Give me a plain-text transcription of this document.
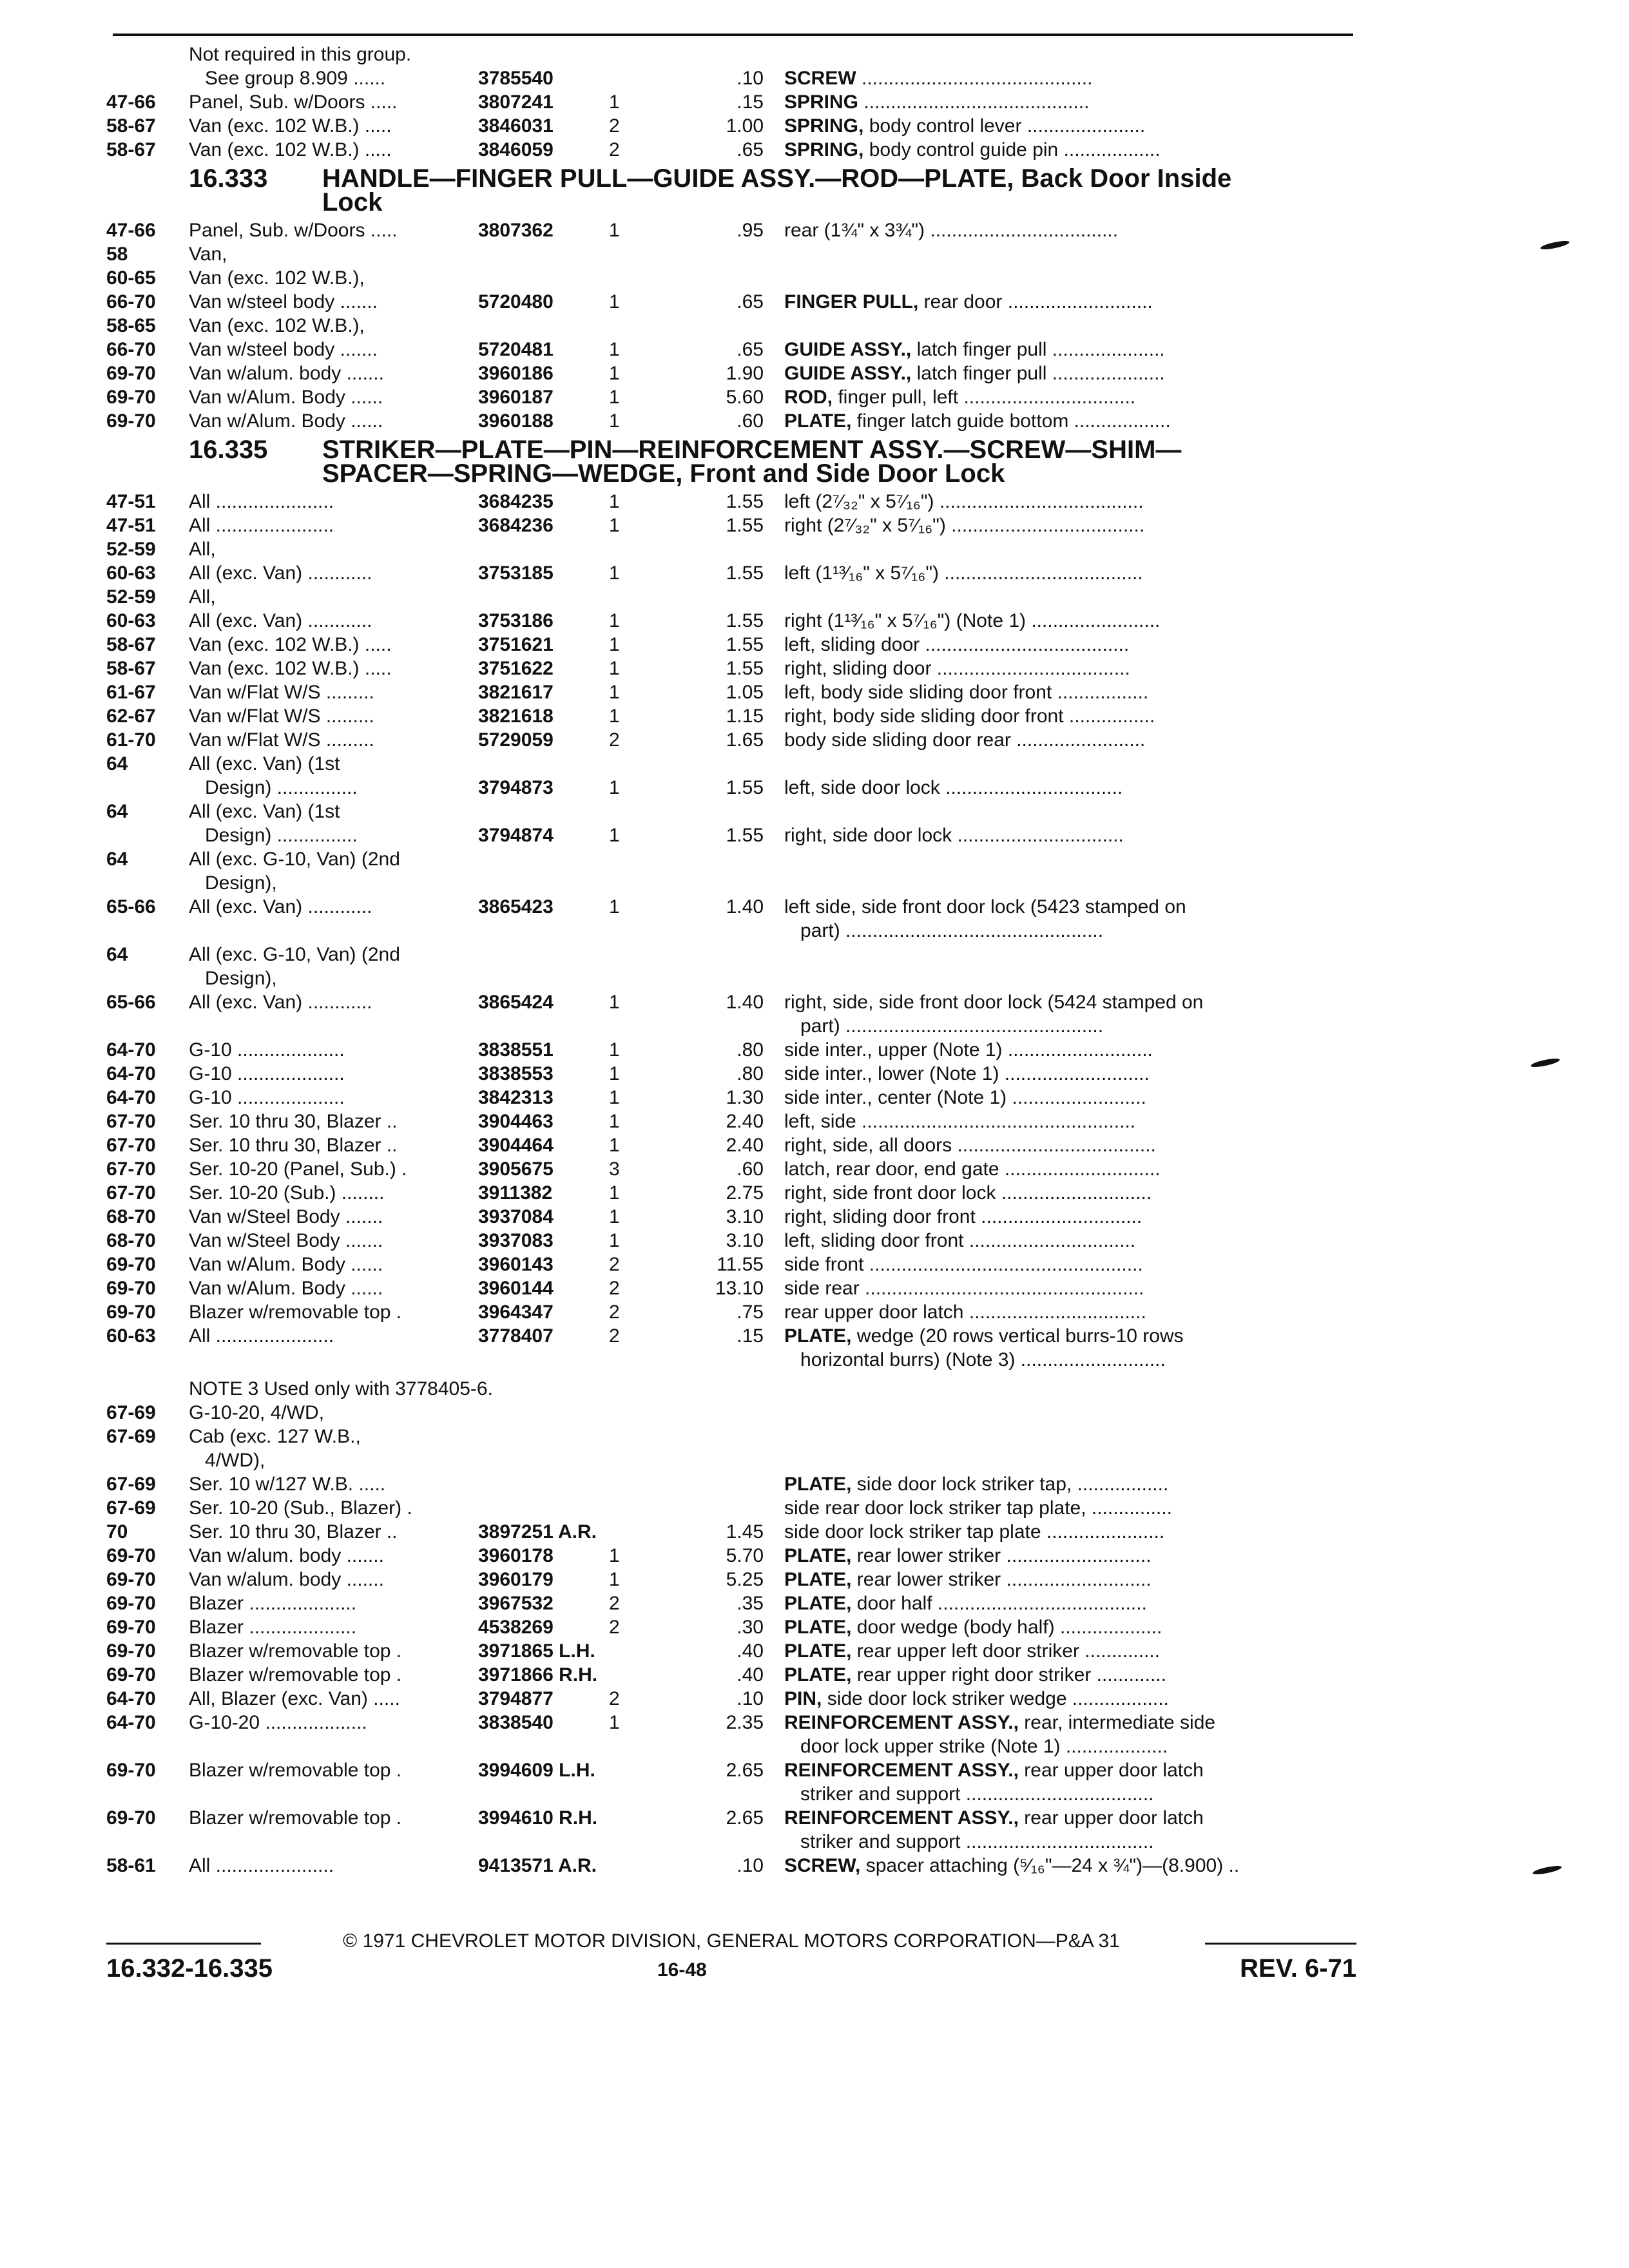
Not required in this group.
See group 8.909 ......	3785540	.10 SCREW ...........................................
47-66	Panel, Sub. w/Doors .....	3807241	1	.15 SPRING ..........................................
58-67	Van (exc. 102 W.B.) .....	3846031	2	1.00 SPRING, body control lever ......................
58-67	Van (exc. 102 W.B.) .....	3846059	2	.65 SPRING, body control guide pin ..................
16.333 HANDLE—FINGER PULL—GUIDE ASSY.—ROD—PLATE, Back Door Inside
Lock
47-66	Panel, Sub. w/Doors .....	3807362	1	.95 rear (1¾" x 3¾") ...................................
58	Van,
60-65	Van (exc. 102 W.B.),
66-70	Van w/steel body .......	5720480	1	.65 FINGER PULL, rear door ...........................
58-65	Van (exc. 102 W.B.),
66-70	Van w/steel body .......	5720481	1	.65 GUIDE ASSY., latch finger pull .....................
69-70	Van w/alum. body .......	3960186	1	1.90 GUIDE ASSY., latch finger pull .....................
69-70	Van w/Alum. Body ......	3960187	1	5.60 ROD, finger pull, left ................................
69-70	Van w/Alum. Body ......	3960188	1	.60 PLATE, finger latch guide bottom ..................
16.335 STRIKER—PLATE—PIN—REINFORCEMENT ASSY.—SCREW—SHIM—
SPACER—SPRING—WEDGE, Front and Side Door Lock
47-51	All ......................	3684235	1	1.55 left (2⁷⁄₃₂" x 5⁷⁄₁₆") ......................................
47-51	All ......................	3684236	1	1.55 right (2⁷⁄₃₂" x 5⁷⁄₁₆") ....................................
52-59	All,
60-63	All (exc. Van) ............	3753185	1	1.55 left (1¹³⁄₁₆" x 5⁷⁄₁₆") .....................................
52-59	All,
60-63	All (exc. Van) ............	3753186	1	1.55 right (1¹³⁄₁₆" x 5⁷⁄₁₆") (Note 1) ........................
58-67	Van (exc. 102 W.B.) .....	3751621	1	1.55 left, sliding door ......................................
58-67	Van (exc. 102 W.B.) .....	3751622	1	1.55 right, sliding door ....................................
61-67	Van w/Flat W/S .........	3821617	1	1.05 left, body side sliding door front .................
62-67	Van w/Flat W/S .........	3821618	1	1.15 right, body side sliding door front ................
61-70	Van w/Flat W/S .........	5729059	2	1.65 body side sliding door rear ........................
64	All (exc. Van) (1st
Design) ...............	3794873	1	1.55 left, side door lock .................................
64	All (exc. Van) (1st
Design) ...............	3794874	1	1.55 right, side door lock ...............................
64	All (exc. G-10, Van) (2nd
Design),
65-66	All (exc. Van) ............	3865423	1	1.40 left side, side front door lock (5423 stamped on
part) ................................................
64	All (exc. G-10, Van) (2nd
Design),
65-66	All (exc. Van) ............	3865424	1	1.40 right, side, side front door lock (5424 stamped on
part) ................................................
64-70	G-10 ....................	3838551	1	.80 side inter., upper (Note 1) ...........................
64-70	G-10 ....................	3838553	1	.80 side inter., lower (Note 1) ...........................
64-70	G-10 ....................	3842313	1	1.30 side inter., center (Note 1) .........................
67-70	Ser. 10 thru 30, Blazer ..	3904463	1	2.40 left, side ...................................................
67-70	Ser. 10 thru 30, Blazer ..	3904464	1	2.40 right, side, all doors .....................................
67-70	Ser. 10-20 (Panel, Sub.) .	3905675	3	.60 latch, rear door, end gate .............................
67-70	Ser. 10-20 (Sub.) ........	3911382	1	2.75 right, side front door lock ............................
68-70	Van w/Steel Body .......	3937084	1	3.10 right, sliding door front ..............................
68-70	Van w/Steel Body .......	3937083	1	3.10 left, sliding door front ...............................
69-70	Van w/Alum. Body ......	3960143	2	11.55 side front ...................................................
69-70	Van w/Alum. Body ......	3960144	2	13.10 side rear ....................................................
69-70	Blazer w/removable top .	3964347	2	.75 rear upper door latch .................................
60-63	All ......................	3778407	2	.15 PLATE, wedge (20 rows vertical burrs-10 rows
horizontal burrs) (Note 3) ...........................
NOTE 3 Used only with 3778405-6.
67-69	G-10-20, 4/WD,
67-69	Cab (exc. 127 W.B.,
4/WD),
67-69	Ser. 10 w/127 W.B. .....	PLATE, side door lock striker tap, .................
67-69	Ser. 10-20 (Sub., Blazer) .	side rear door lock striker tap plate, ...............
70	Ser. 10 thru 30, Blazer ..	3897251 A.R.	1.45 side door lock striker tap plate ......................
69-70	Van w/alum. body .......	3960178	1	5.70 PLATE, rear lower striker ...........................
69-70	Van w/alum. body .......	3960179	1	5.25 PLATE, rear lower striker ...........................
69-70	Blazer ....................	3967532	2	.35 PLATE, door half .......................................
69-70	Blazer ....................	4538269	2	.30 PLATE, door wedge (body half) ...................
69-70	Blazer w/removable top .	3971865 L.H.	.40 PLATE, rear upper left door striker ..............
69-70	Blazer w/removable top .	3971866 R.H.	.40 PLATE, rear upper right door striker .............
64-70	All, Blazer (exc. Van) .....	3794877	2	.10 PIN, side door lock striker wedge ..................
64-70	G-10-20 ...................	3838540	1	2.35 REINFORCEMENT ASSY., rear, intermediate side
door lock upper strike (Note 1) ...................
69-70	Blazer w/removable top .	3994609 L.H.	2.65 REINFORCEMENT ASSY., rear upper door latch
striker and support ...................................
69-70	Blazer w/removable top .	3994610 R.H.	2.65 REINFORCEMENT ASSY., rear upper door latch
striker and support ...................................
58-61	All ......................	9413571 A.R.	.10 SCREW, spacer attaching (⁵⁄₁₆"—24 x ¾")—(8.900) ..
© 1971 CHEVROLET MOTOR DIVISION, GENERAL MOTORS CORPORATION—P&A 31
16.332-16.335	16-48	REV. 6-71
